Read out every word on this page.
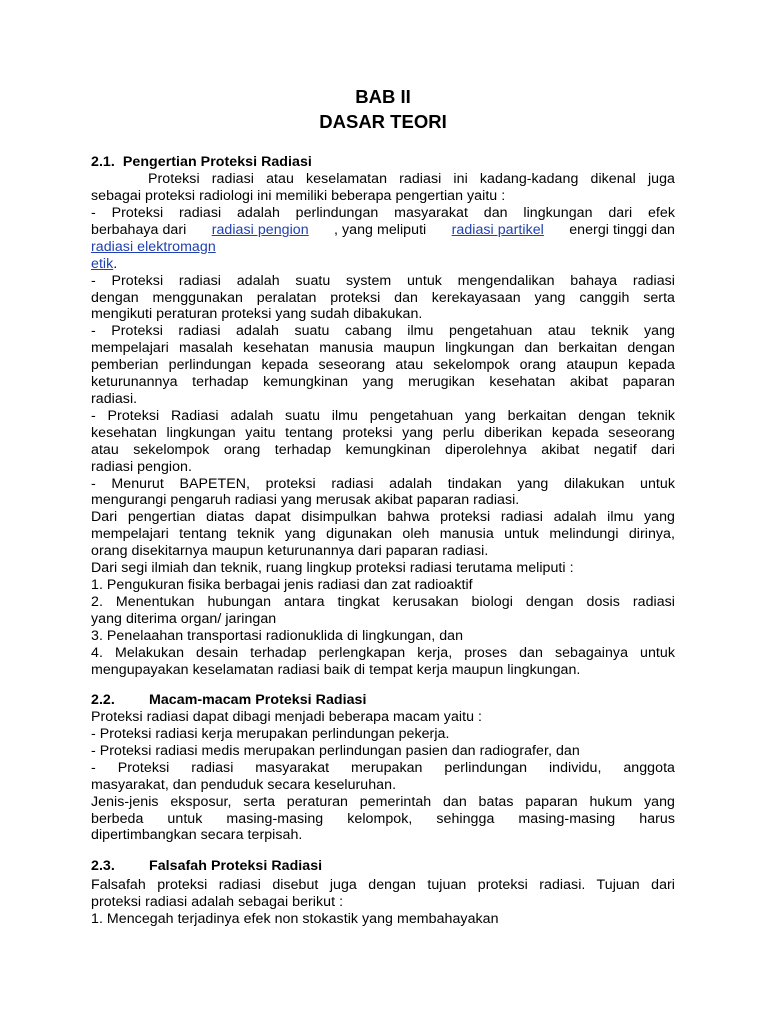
BAB II
DASAR TEORI
2.1. Pengertian Proteksi Radiasi
Proteksi radiasi atau keselamatan radiasi ini kadang-kadang dikenal juga
sebagai proteksi radiologi ini memiliki beberapa pengertian yaitu :
- Proteksi radiasi adalah perlindungan masyarakat dan lingkungan dari efek
berbahaya dari radiasi pengion , yang meliputi radiasi partikel energi tinggi dan
radiasi elektromagn
etik.
- Proteksi radiasi adalah suatu system untuk mengendalikan bahaya radiasi
dengan menggunakan peralatan proteksi dan kerekayasaan yang canggih serta
mengikuti peraturan proteksi yang sudah dibakukan.
- Proteksi radiasi adalah suatu cabang ilmu pengetahuan atau teknik yang
mempelajari masalah kesehatan manusia maupun lingkungan dan berkaitan dengan
pemberian perlindungan kepada seseorang atau sekelompok orang ataupun kepada
keturunannya terhadap kemungkinan yang merugikan kesehatan akibat paparan
radiasi.
- Proteksi Radiasi adalah suatu ilmu pengetahuan yang berkaitan dengan teknik
kesehatan lingkungan yaitu tentang proteksi yang perlu diberikan kepada seseorang
atau sekelompok orang terhadap kemungkinan diperolehnya akibat negatif dari
radiasi pengion.
- Menurut BAPETEN, proteksi radiasi adalah tindakan yang dilakukan untuk
mengurangi pengaruh radiasi yang merusak akibat paparan radiasi.
Dari pengertian diatas dapat disimpulkan bahwa proteksi radiasi adalah ilmu yang
mempelajari tentang teknik yang digunakan oleh manusia untuk melindungi dirinya,
orang disekitarnya maupun keturunannya dari paparan radiasi.
Dari segi ilmiah dan teknik, ruang lingkup proteksi radiasi terutama meliputi :
1. Pengukuran fisika berbagai jenis radiasi dan zat radioaktif
2. Menentukan hubungan antara tingkat kerusakan biologi dengan dosis radiasi
yang diterima organ/ jaringan
3. Penelaahan transportasi radionuklida di lingkungan, dan
4. Melakukan desain terhadap perlengkapan kerja, proses dan sebagainya untuk
mengupayakan keselamatan radiasi baik di tempat kerja maupun lingkungan.
2.2. Macam-macam Proteksi Radiasi
Proteksi radiasi dapat dibagi menjadi beberapa macam yaitu :
- Proteksi radiasi kerja merupakan perlindungan pekerja.
- Proteksi radiasi medis merupakan perlindungan pasien dan radiografer, dan
- Proteksi radiasi masyarakat merupakan perlindungan individu, anggota
masyarakat, dan penduduk secara keseluruhan.
Jenis-jenis eksposur, serta peraturan pemerintah dan batas paparan hukum yang
berbeda untuk masing-masing kelompok, sehingga masing-masing harus
dipertimbangkan secara terpisah.
2.3. Falsafah Proteksi Radiasi
Falsafah proteksi radiasi disebut juga dengan tujuan proteksi radiasi. Tujuan dari
proteksi radiasi adalah sebagai berikut :
1. Mencegah terjadinya efek non stokastik yang membahayakan
